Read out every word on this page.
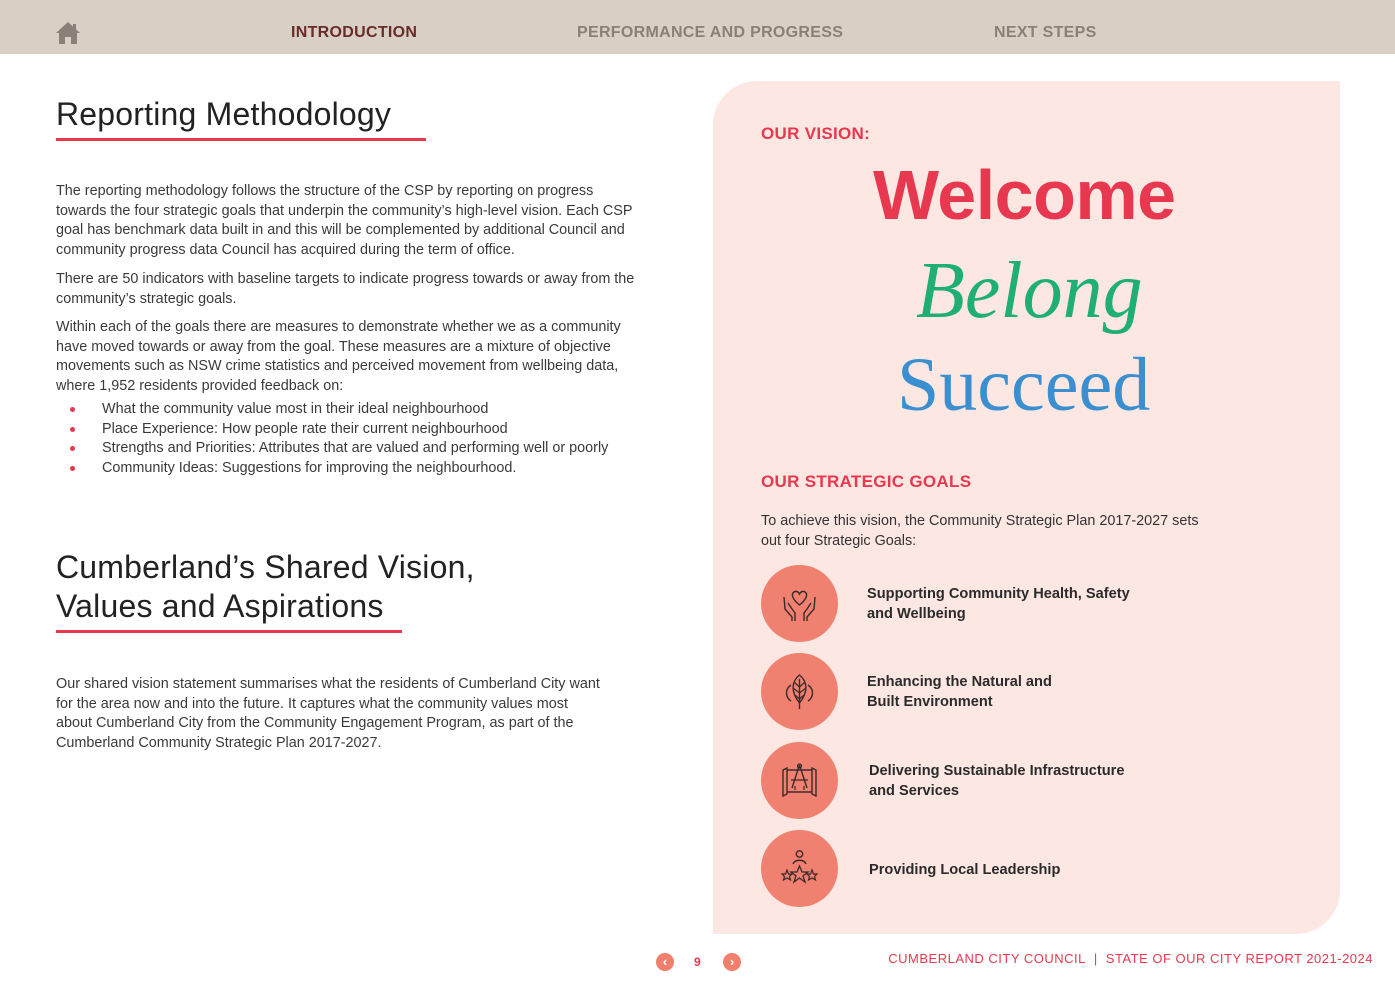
INTRODUCTION	PERFORMANCE AND PROGRESS	NEXT STEPS
Reporting Methodology

The reporting methodology follows the structure of the CSP by reporting on progress towards the four strategic goals that underpin the community’s high-level vision. Each CSP goal has benchmark data built in and this will be complemented by additional Council and community progress data Council has acquired during the term of office.

There are 50 indicators with baseline targets to indicate progress towards or away from the community’s strategic goals.

Within each of the goals there are measures to demonstrate whether we as a community have moved towards or away from the goal. These measures are a mixture of objective movements such as NSW crime statistics and perceived movement from wellbeing data, where 1,952 residents provided feedback on:

What the community value most in their ideal neighbourhood
Place Experience: How people rate their current neighbourhood
Strengths and Priorities: Attributes that are valued and performing well or poorly
Community Ideas: Suggestions for improving the neighbourhood.
Cumberland’s Shared Vision,
Values and Aspirations

Our shared vision statement summarises what the residents of Cumberland City want for the area now and into the future. It captures what the community values most about Cumberland City from the Community Engagement Program, as part of the Cumberland Community Strategic Plan 2017-2027.

OUR VISION:
Welcome
Belong
Succeed
OUR STRATEGIC GOALS

To achieve this vision, the Community Strategic Plan 2017-2027 sets out four Strategic Goals:

Supporting Community Health, Safety
and Wellbeing
Enhancing the Natural and
Built Environment
Delivering Sustainable Infrastructure
and Services
Providing Local Leadership
‹	9	›	CUMBERLAND CITY COUNCIL | STATE OF OUR CITY REPORT 2021-2024
